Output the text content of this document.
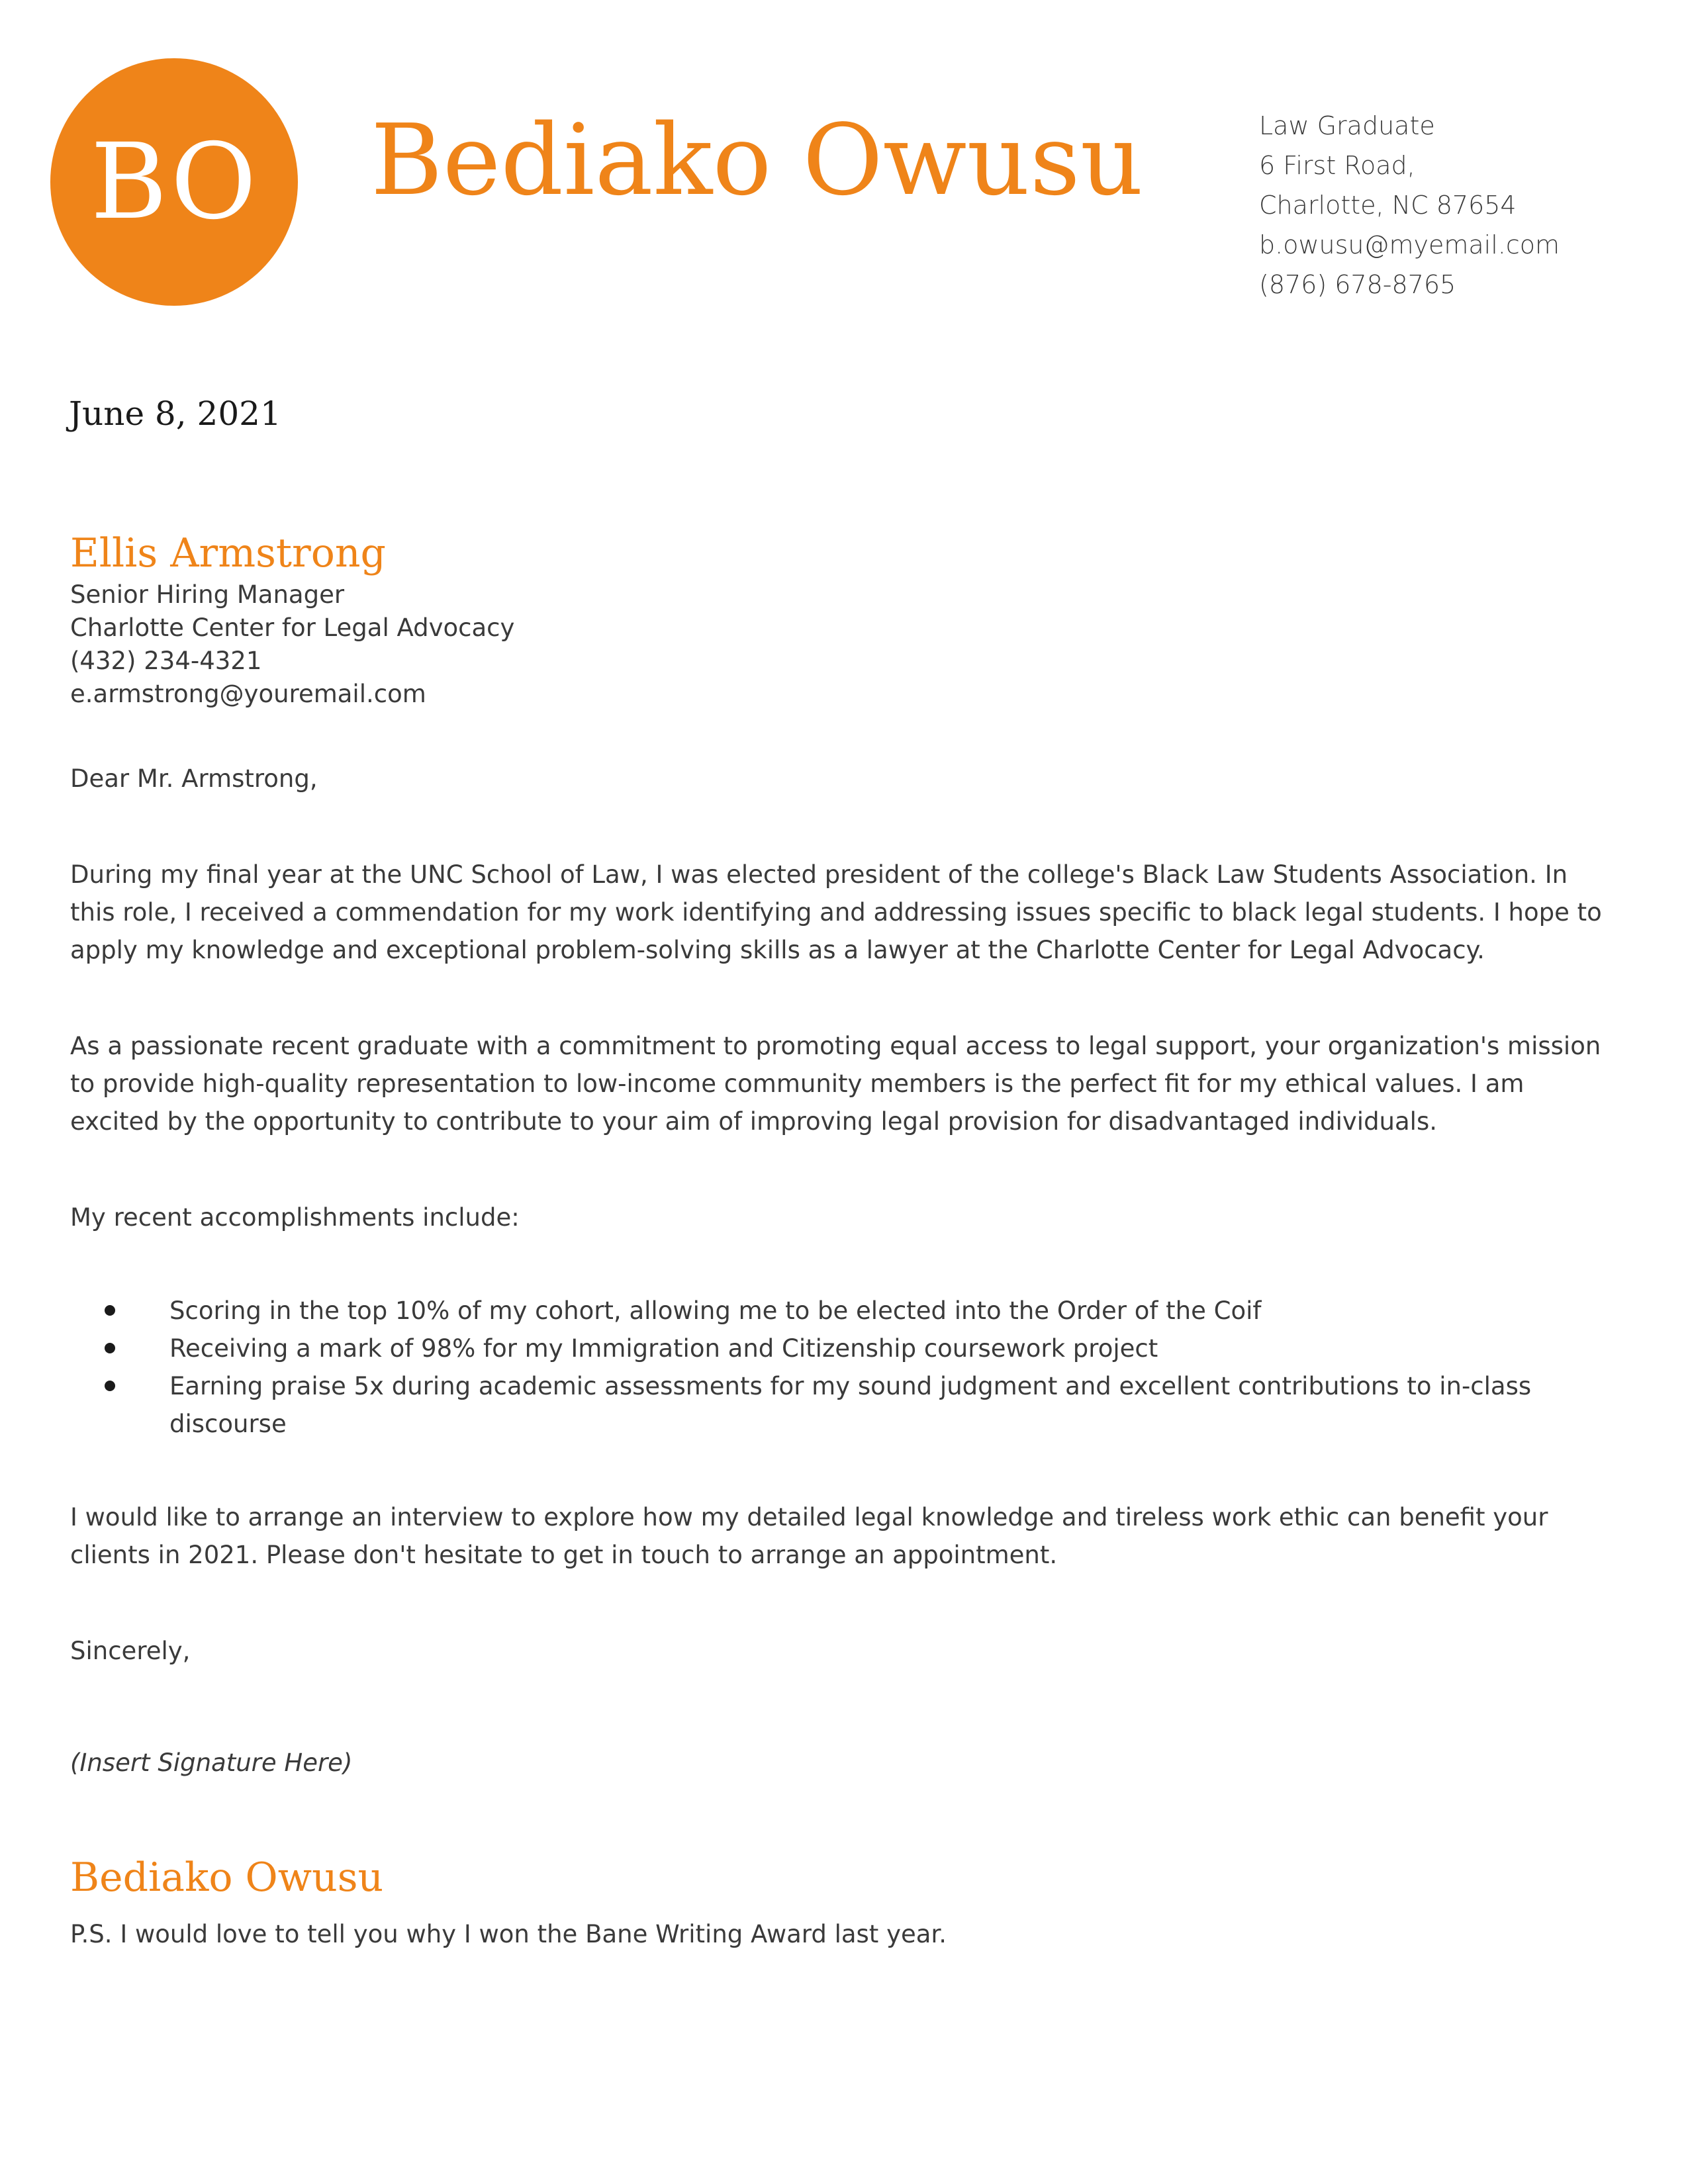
BO Bediako Owusu	Law Graduate
6 First Road,
Charlotte, NC 87654
b.owusu@myemail.com
(876) 678-8765
June 8, 2021
Ellis Armstrong
Senior Hiring Manager
Charlotte Center for Legal Advocacy
(432) 234-4321
e.armstrong@youremail.com

Dear Mr. Armstrong,

During my final year at the UNC School of Law, I was elected president of the college's Black Law Students Association. In this role, I received a commendation for my work identifying and addressing issues specific to black legal students. I hope to apply my knowledge and exceptional problem-solving skills as a lawyer at the Charlotte Center for Legal Advocacy.

As a passionate recent graduate with a commitment to promoting equal access to legal support, your organization's mission to provide high-quality representation to low-income community members is the perfect fit for my ethical values. I am excited by the opportunity to contribute to your aim of improving legal provision for disadvantaged individuals.

My recent accomplishments include:

Scoring in the top 10% of my cohort, allowing me to be elected into the Order of the Coif
Receiving a mark of 98% for my Immigration and Citizenship coursework project
Earning praise 5x during academic assessments for my sound judgment and excellent contributions to in-class discourse

I would like to arrange an interview to explore how my detailed legal knowledge and tireless work ethic can benefit your clients in 2021. Please don't hesitate to get in touch to arrange an appointment.

Sincerely,

(Insert Signature Here)

Bediako Owusu

P.S. I would love to tell you why I won the Bane Writing Award last year.
